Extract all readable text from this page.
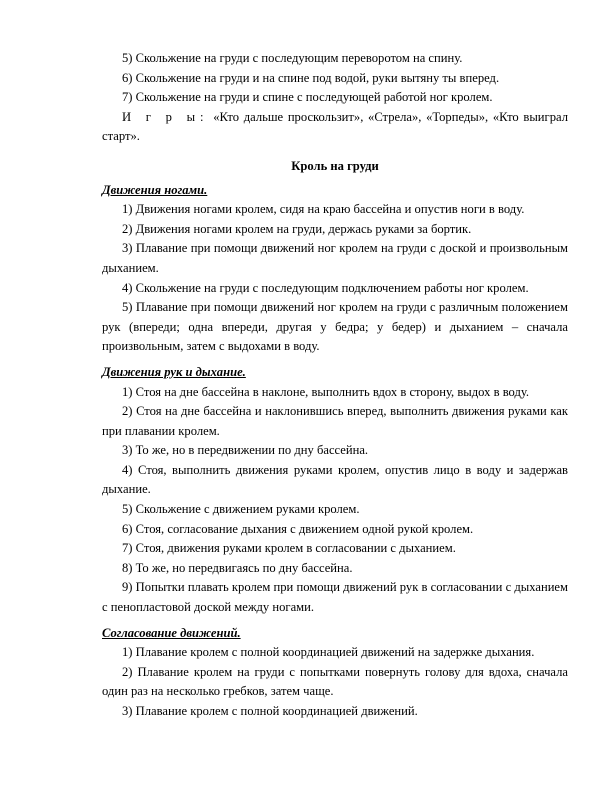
5) Скольжение на груди с последующим переворотом на спину.

6) Скольжение на груди и на спине под водой, руки вытяну ты вперед.

7) Скольжение на груди и спине с последующей работой ног кролем.

И г р ы: «Кто дальше проскользит», «Стрела», «Торпеды», «Кто выиграл старт».

Кроль на груди

Движения ногами.

1) Движения ногами кролем, сидя на краю бассейна и опустив ноги в воду.

2) Движения ногами кролем на груди, держась руками за бортик.

3) Плавание при помощи движений ног кролем на груди с доской и произвольным дыханием.

4) Скольжение на груди с последующим подключением работы ног кролем.

5) Плавание при помощи движений ног кролем на груди с различным положением рук (впереди; одна впереди, другая у бедра; у бедер) и дыханием – сначала произвольным, затем с выдохами в воду.

Движения рук и дыхание.

1) Стоя на дне бассейна в наклоне, выполнить вдох в сторону, выдох в воду.

2) Стоя на дне бассейна и наклонившись вперед, выполнить движения руками как при плавании кролем.

3) То же, но в передвижении по дну бассейна.

4) Стоя, выполнить движения руками кролем, опустив лицо в воду и задержав дыхание.

5) Скольжение с движением руками кролем.

6) Стоя, согласование дыхания с движением одной рукой кролем.

7) Стоя, движения руками кролем в согласовании с дыханием.

8) То же, но передвигаясь по дну бассейна.

9) Попытки плавать кролем при помощи движений рук в согласовании с дыханием с пенопластовой доской между ногами.

Согласование движений.

1) Плавание кролем с полной координацией движений на задержке дыхания.

2) Плавание кролем на груди с попытками повернуть голову для вдоха, сначала один раз на несколько гребков, затем чаще.

3) Плавание кролем с полной координацией движений.
